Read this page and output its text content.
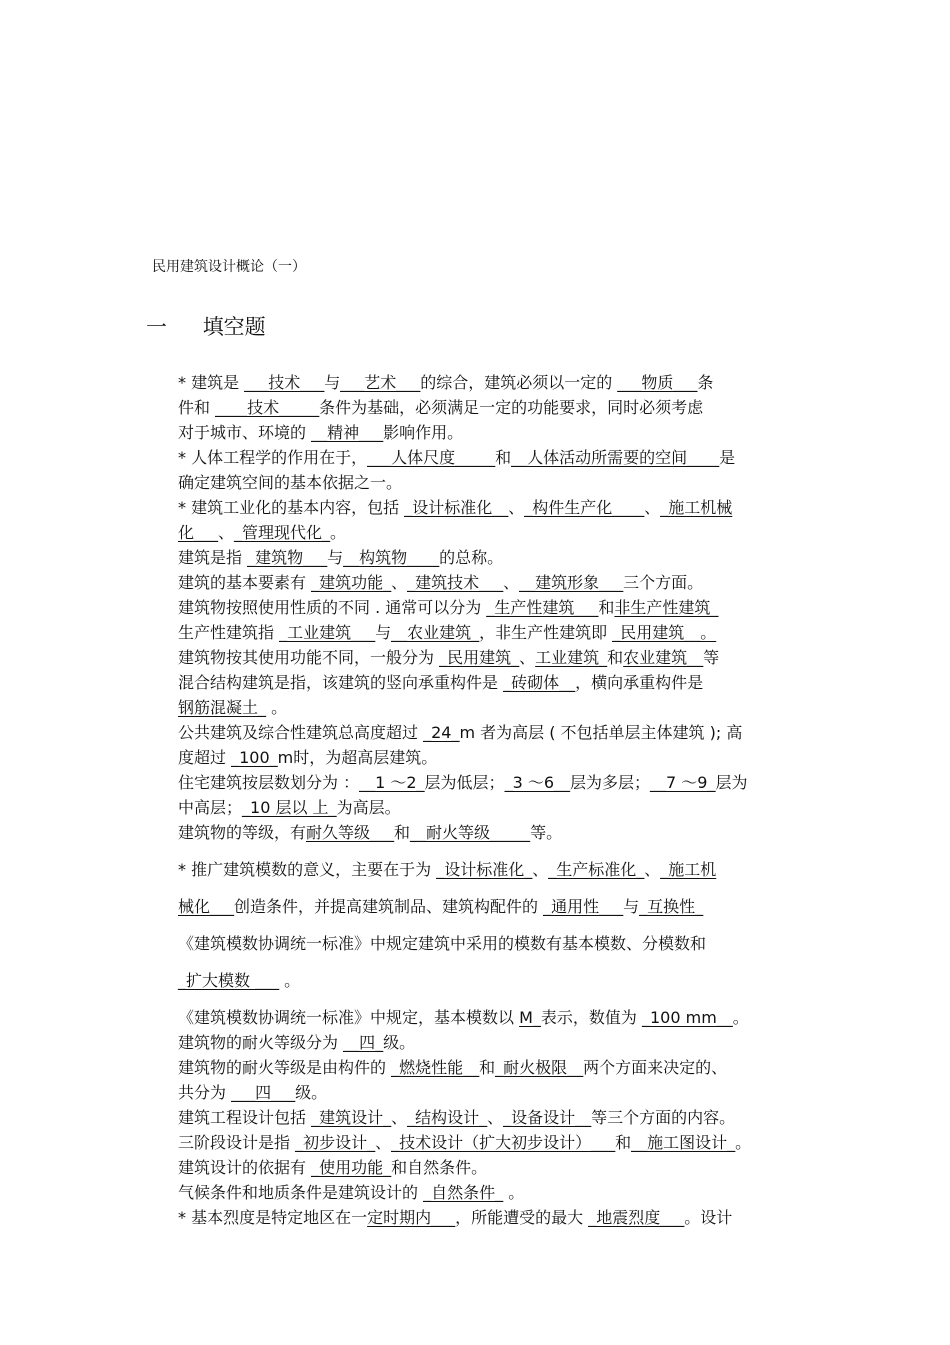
民用建筑设计概论（一）
一 填空题
* 建筑是 ___技术___与___艺术___的综合，建筑必须以一定的 ___物质___条
件和 ____技术_____条件为基础，必须满足一定的功能要求，同时必须考虑
对于城市、环境的 __精神___影响作用。
* 人体工程学的作用在于，___人体尺度_____和__人体活动所需要的空间____是
确定建筑空间的基本依据之一。
* 建筑工业化的基本内容，包括 _设计标准化__、_构件生产化____、_施工机械
化___、_管理现代化_。
建筑是指 _建筑物___与__构筑物____的总称。
建筑的基本要素有 _建筑功能_、_建筑技术___、__建筑形象___三个方面。
建筑物按照使用性质的不同 . 通常可以分为 _生产性建筑___和非生产性建筑_
生产性建筑指 _工业建筑___与__农业建筑_，非生产性建筑即 _民用建筑__。
建筑物按其使用功能不同，一般分为 _民用建筑_、工业建筑_和农业建筑__等
混合结构建筑是指，该建筑的竖向承重构件是 _砖砌体__，横向承重构件是
钢筋混凝土_ 。
公共建筑及综合性建筑总高度超过 _24_m 者为高层 ( 不包括单层主体建筑 ); 高
度超过 _100_m时，为超高层建筑。
住宅建筑按层数划分为 ：__1 ～2_层为低层；_3 ～6__层为多层；__7 ～9_层为
中高层；_10 层以 上_为高层。
建筑物的等级，有耐久等级___和__耐火等级_____等。
* 推广建筑模数的意义，主要在于为 _设计标准化_、_生产标准化_、_施工机
械化___创造条件，并提高建筑制品、建筑构配件的 _通用性___与_互换性_
《建筑模数协调统一标准》中规定建筑中采用的模数有基本模数、分模数和
_扩大模数 ___ 。
《建筑模数协调统一标准》中规定，基本模数以 M_表示，数值为 _100 mm__。
建筑物的耐火等级分为 __四_级。
建筑物的耐火等级是由构件的 _燃烧性能__和_耐火极限__两个方面来决定的、
共分为 ___四___级。
建筑工程设计包括 _建筑设计_、_结构设计_、_设备设计__等三个方面的内容。
三阶段设计是指 _初步设计_、_技术设计（扩大初步设计）___和__施工图设计_。
建筑设计的依据有 _使用功能_和自然条件。
气候条件和地质条件是建筑设计的 _自然条件_ 。
* 基本烈度是特定地区在一定时期内___，所能遭受的最大 _地震烈度___。设计
